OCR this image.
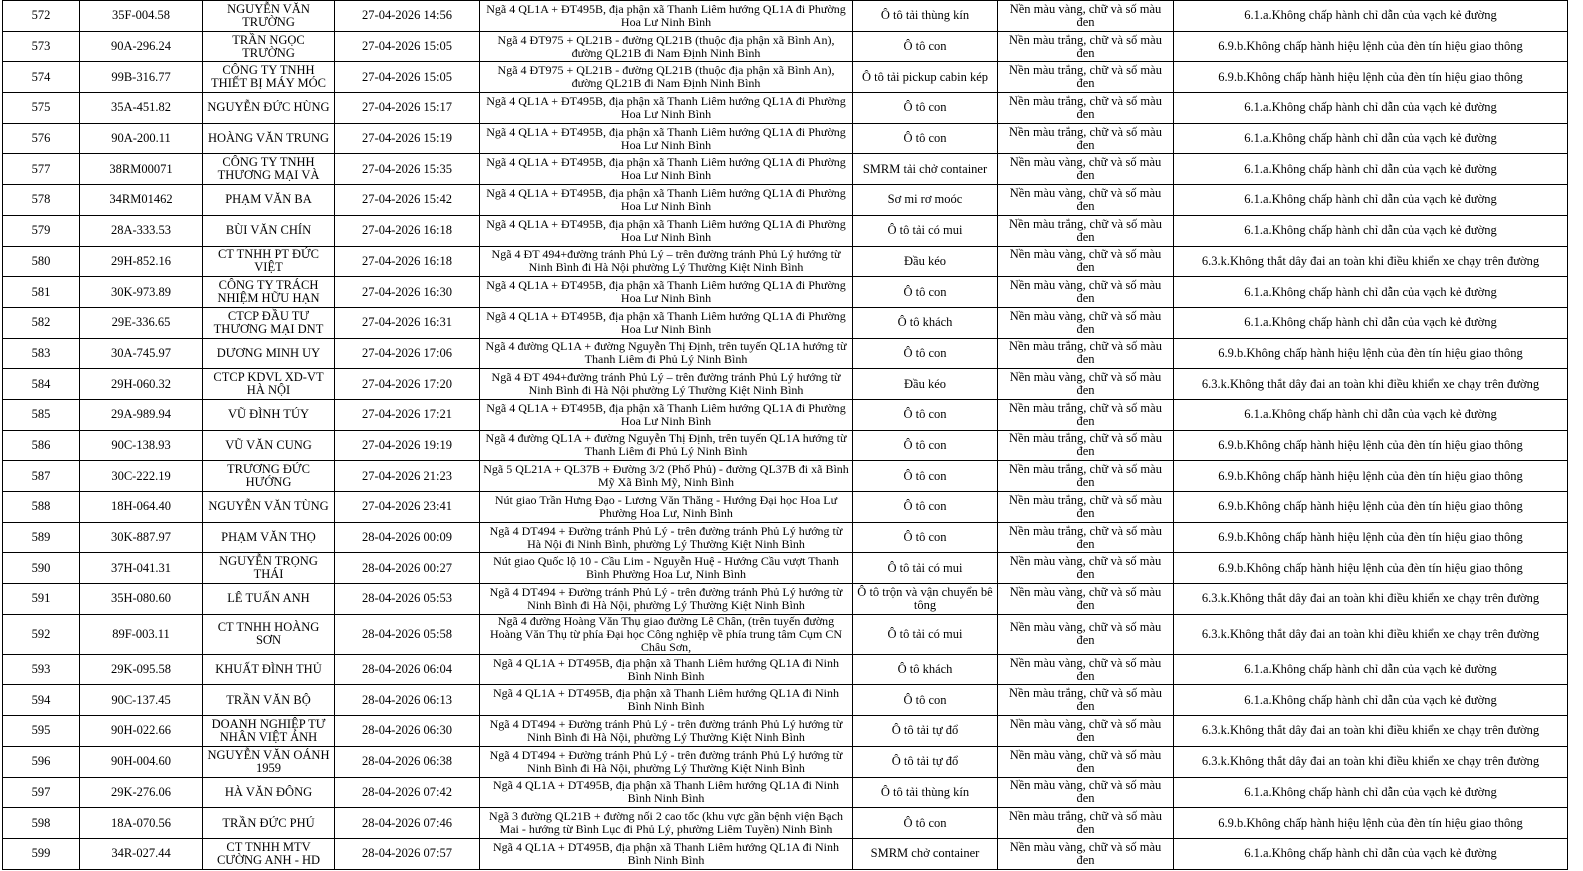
572	35F-004.58	NGUYỄN VĂN TRƯỜNG	27-04-2026 14:56	Ngã 4 QL1A + ĐT495B, địa phận xã Thanh Liêm hướng QL1A đi Phường Hoa Lư Ninh Bình	Ô tô tải thùng kín	Nền màu vàng, chữ và số màu đen	6.1.a.Không chấp hành chỉ dẫn của vạch kẻ đường
573	90A-296.24	TRẦN NGỌC TRƯỜNG	27-04-2026 15:05	Ngã 4 ĐT975 + QL21B - đường QL21B (thuộc địa phận xã Bình An), đường QL21B đi Nam Định Ninh Bình	Ô tô con	Nền màu trắng, chữ và số màu đen	6.9.b.Không chấp hành hiệu lệnh của đèn tín hiệu giao thông
574	99B-316.77	CÔNG TY TNHH THIẾT BỊ MÁY MÓC	27-04-2026 15:05	Ngã 4 ĐT975 + QL21B - đường QL21B (thuộc địa phận xã Bình An), đường QL21B đi Nam Định Ninh Bình	Ô tô tải pickup cabin kép	Nền màu trắng, chữ và số màu đen	6.9.b.Không chấp hành hiệu lệnh của đèn tín hiệu giao thông
575	35A-451.82	NGUYỄN ĐỨC HÙNG	27-04-2026 15:17	Ngã 4 QL1A + ĐT495B, địa phận xã Thanh Liêm hướng QL1A đi Phường Hoa Lư Ninh Bình	Ô tô con	Nền màu trắng, chữ và số màu đen	6.1.a.Không chấp hành chỉ dẫn của vạch kẻ đường
576	90A-200.11	HOÀNG VĂN TRUNG	27-04-2026 15:19	Ngã 4 QL1A + ĐT495B, địa phận xã Thanh Liêm hướng QL1A đi Phường Hoa Lư Ninh Bình	Ô tô con	Nền màu trắng, chữ và số màu đen	6.1.a.Không chấp hành chỉ dẫn của vạch kẻ đường
577	38RM00071	CÔNG TY TNHH THƯƠNG MẠI VÀ	27-04-2026 15:35	Ngã 4 QL1A + ĐT495B, địa phận xã Thanh Liêm hướng QL1A đi Phường Hoa Lư Ninh Bình	SMRM tải chở container	Nền màu vàng, chữ và số màu đen	6.1.a.Không chấp hành chỉ dẫn của vạch kẻ đường
578	34RM01462	PHẠM VĂN BA	27-04-2026 15:42	Ngã 4 QL1A + ĐT495B, địa phận xã Thanh Liêm hướng QL1A đi Phường Hoa Lư Ninh Bình	Sơ mi rơ moóc	Nền màu vàng, chữ và số màu đen	6.1.a.Không chấp hành chỉ dẫn của vạch kẻ đường
579	28A-333.53	BÙI VĂN CHÍN	27-04-2026 16:18	Ngã 4 QL1A + ĐT495B, địa phận xã Thanh Liêm hướng QL1A đi Phường Hoa Lư Ninh Bình	Ô tô tải có mui	Nền màu trắng, chữ và số màu đen	6.1.a.Không chấp hành chỉ dẫn của vạch kẻ đường
580	29H-852.16	CT TNHH PT ĐỨC VIỆT	27-04-2026 16:18	Ngã 4 ĐT 494+đường tránh Phủ Lý – trên đường tránh Phủ Lý hướng từ Ninh Bình đi Hà Nội phường Lý Thường Kiệt Ninh Bình	Đầu kéo	Nền màu vàng, chữ và số màu đen	6.3.k.Không thắt dây đai an toàn khi điều khiển xe chạy trên đường
581	30K-973.89	CÔNG TY TRÁCH NHIỆM HỮU HẠN	27-04-2026 16:30	Ngã 4 QL1A + ĐT495B, địa phận xã Thanh Liêm hướng QL1A đi Phường Hoa Lư Ninh Bình	Ô tô con	Nền màu vàng, chữ và số màu đen	6.1.a.Không chấp hành chỉ dẫn của vạch kẻ đường
582	29E-336.65	CTCP ĐẦU TƯ THƯƠNG MẠI DNT	27-04-2026 16:31	Ngã 4 QL1A + ĐT495B, địa phận xã Thanh Liêm hướng QL1A đi Phường Hoa Lư Ninh Bình	Ô tô khách	Nền màu vàng, chữ và số màu đen	6.1.a.Không chấp hành chỉ dẫn của vạch kẻ đường
583	30A-745.97	DƯƠNG MINH UY	27-04-2026 17:06	Ngã 4 đường QL1A + đường Nguyễn Thị Định, trên tuyến QL1A hướng từ Thanh Liêm đi Phủ Lý Ninh Bình	Ô tô con	Nền màu trắng, chữ và số màu đen	6.9.b.Không chấp hành hiệu lệnh của đèn tín hiệu giao thông
584	29H-060.32	CTCP KDVL XD-VT HÀ NỘI	27-04-2026 17:20	Ngã 4 ĐT 494+đường tránh Phủ Lý – trên đường tránh Phủ Lý hướng từ Ninh Bình đi Hà Nội phường Lý Thường Kiệt Ninh Bình	Đầu kéo	Nền màu vàng, chữ và số màu đen	6.3.k.Không thắt dây đai an toàn khi điều khiển xe chạy trên đường
585	29A-989.94	VŨ ĐÌNH TÚY	27-04-2026 17:21	Ngã 4 QL1A + ĐT495B, địa phận xã Thanh Liêm hướng QL1A đi Phường Hoa Lư Ninh Bình	Ô tô con	Nền màu trắng, chữ và số màu đen	6.1.a.Không chấp hành chỉ dẫn của vạch kẻ đường
586	90C-138.93	VŨ VĂN CUNG	27-04-2026 19:19	Ngã 4 đường QL1A + đường Nguyễn Thị Định, trên tuyến QL1A hướng từ Thanh Liêm đi Phủ Lý Ninh Bình	Ô tô con	Nền màu trắng, chữ và số màu đen	6.9.b.Không chấp hành hiệu lệnh của đèn tín hiệu giao thông
587	30C-222.19	TRƯƠNG ĐỨC HƯỚNG	27-04-2026 21:23	Ngã 5 QL21A + QL37B + Đường 3/2 (Phố Phủ) - đường QL37B đi xã Bình Mỹ Xã Bình Mỹ, Ninh Bình	Ô tô con	Nền màu trắng, chữ và số màu đen	6.9.b.Không chấp hành hiệu lệnh của đèn tín hiệu giao thông
588	18H-064.40	NGUYỄN VĂN TÙNG	27-04-2026 23:41	Nút giao Trần Hưng Đạo - Lương Văn Thăng - Hướng Đại học Hoa Lư Phường Hoa Lư, Ninh Bình	Ô tô con	Nền màu trắng, chữ và số màu đen	6.9.b.Không chấp hành hiệu lệnh của đèn tín hiệu giao thông
589	30K-887.97	PHẠM VĂN THỌ	28-04-2026 00:09	Ngã 4 DT494 + Đường tránh Phủ Lý - trên đường tránh Phủ Lý hướng từ Hà Nội đi Ninh Bình, phường Lý Thường Kiệt Ninh Bình	Ô tô con	Nền màu trắng, chữ và số màu đen	6.9.b.Không chấp hành hiệu lệnh của đèn tín hiệu giao thông
590	37H-041.31	NGUYỄN TRỌNG THÁI	28-04-2026 00:27	Nút giao Quốc lộ 10 - Cầu Lim - Nguyễn Huệ - Hướng Cầu vượt Thanh Bình Phường Hoa Lư, Ninh Bình	Ô tô tải có mui	Nền màu vàng, chữ và số màu đen	6.9.b.Không chấp hành hiệu lệnh của đèn tín hiệu giao thông
591	35H-080.60	LÊ TUẤN ANH	28-04-2026 05:53	Ngã 4 DT494 + Đường tránh Phủ Lý - trên đường tránh Phủ Lý hướng từ Ninh Bình đi Hà Nội, phường Lý Thường Kiệt Ninh Bình	Ô tô trộn và vận chuyển bê tông	Nền màu vàng, chữ và số màu đen	6.3.k.Không thắt dây đai an toàn khi điều khiển xe chạy trên đường
592	89F-003.11	CT TNHH HOÀNG SƠN	28-04-2026 05:58	Ngã 4 đường Hoàng Văn Thụ giao đường Lê Chân, (trên tuyến đường Hoàng Văn Thụ từ phía Đại học Công nghiệp về phía trung tâm Cụm CN Châu Sơn,	Ô tô tải có mui	Nền màu vàng, chữ và số màu đen	6.3.k.Không thắt dây đai an toàn khi điều khiển xe chạy trên đường
593	29K-095.58	KHUẤT ĐÌNH THỦ	28-04-2026 06:04	Ngã 4 QL1A + DT495B, địa phận xã Thanh Liêm hướng QL1A đi Ninh Bình Ninh Bình	Ô tô khách	Nền màu vàng, chữ và số màu đen	6.1.a.Không chấp hành chỉ dẫn của vạch kẻ đường
594	90C-137.45	TRẦN VĂN BỘ	28-04-2026 06:13	Ngã 4 QL1A + DT495B, địa phận xã Thanh Liêm hướng QL1A đi Ninh Bình Ninh Bình	Ô tô con	Nền màu trắng, chữ và số màu đen	6.1.a.Không chấp hành chỉ dẫn của vạch kẻ đường
595	90H-022.66	DOANH NGHIỆP TƯ NHÂN VIỆT ÁNH	28-04-2026 06:30	Ngã 4 DT494 + Đường tránh Phủ Lý - trên đường tránh Phủ Lý hướng từ Ninh Bình đi Hà Nội, phường Lý Thường Kiệt Ninh Bình	Ô tô tải tự đổ	Nền màu vàng, chữ và số màu đen	6.3.k.Không thắt dây đai an toàn khi điều khiển xe chạy trên đường
596	90H-004.60	NGUYỄN VĂN OÁNH 1959	28-04-2026 06:38	Ngã 4 DT494 + Đường tránh Phủ Lý - trên đường tránh Phủ Lý hướng từ Ninh Bình đi Hà Nội, phường Lý Thường Kiệt Ninh Bình	Ô tô tải tự đổ	Nền màu vàng, chữ và số màu đen	6.3.k.Không thắt dây đai an toàn khi điều khiển xe chạy trên đường
597	29K-276.06	HÀ VĂN ĐÔNG	28-04-2026 07:42	Ngã 4 QL1A + DT495B, địa phận xã Thanh Liêm hướng QL1A đi Ninh Bình Ninh Bình	Ô tô tải thùng kín	Nền màu vàng, chữ và số màu đen	6.1.a.Không chấp hành chỉ dẫn của vạch kẻ đường
598	18A-070.56	TRẦN ĐỨC PHÚ	28-04-2026 07:46	Ngã 3 đường QL21B + đường nối 2 cao tốc (khu vực gần bệnh viện Bạch Mai - hướng từ Bình Lục đi Phủ Lý, phường Liêm Tuyền) Ninh Bình	Ô tô con	Nền màu trắng, chữ và số màu đen	6.9.b.Không chấp hành hiệu lệnh của đèn tín hiệu giao thông
599	34R-027.44	CT TNHH MTV CƯỜNG ANH - HD	28-04-2026 07:57	Ngã 4 QL1A + DT495B, địa phận xã Thanh Liêm hướng QL1A đi Ninh Bình Ninh Bình	SMRM chở container	Nền màu vàng, chữ và số màu đen	6.1.a.Không chấp hành chỉ dẫn của vạch kẻ đường
